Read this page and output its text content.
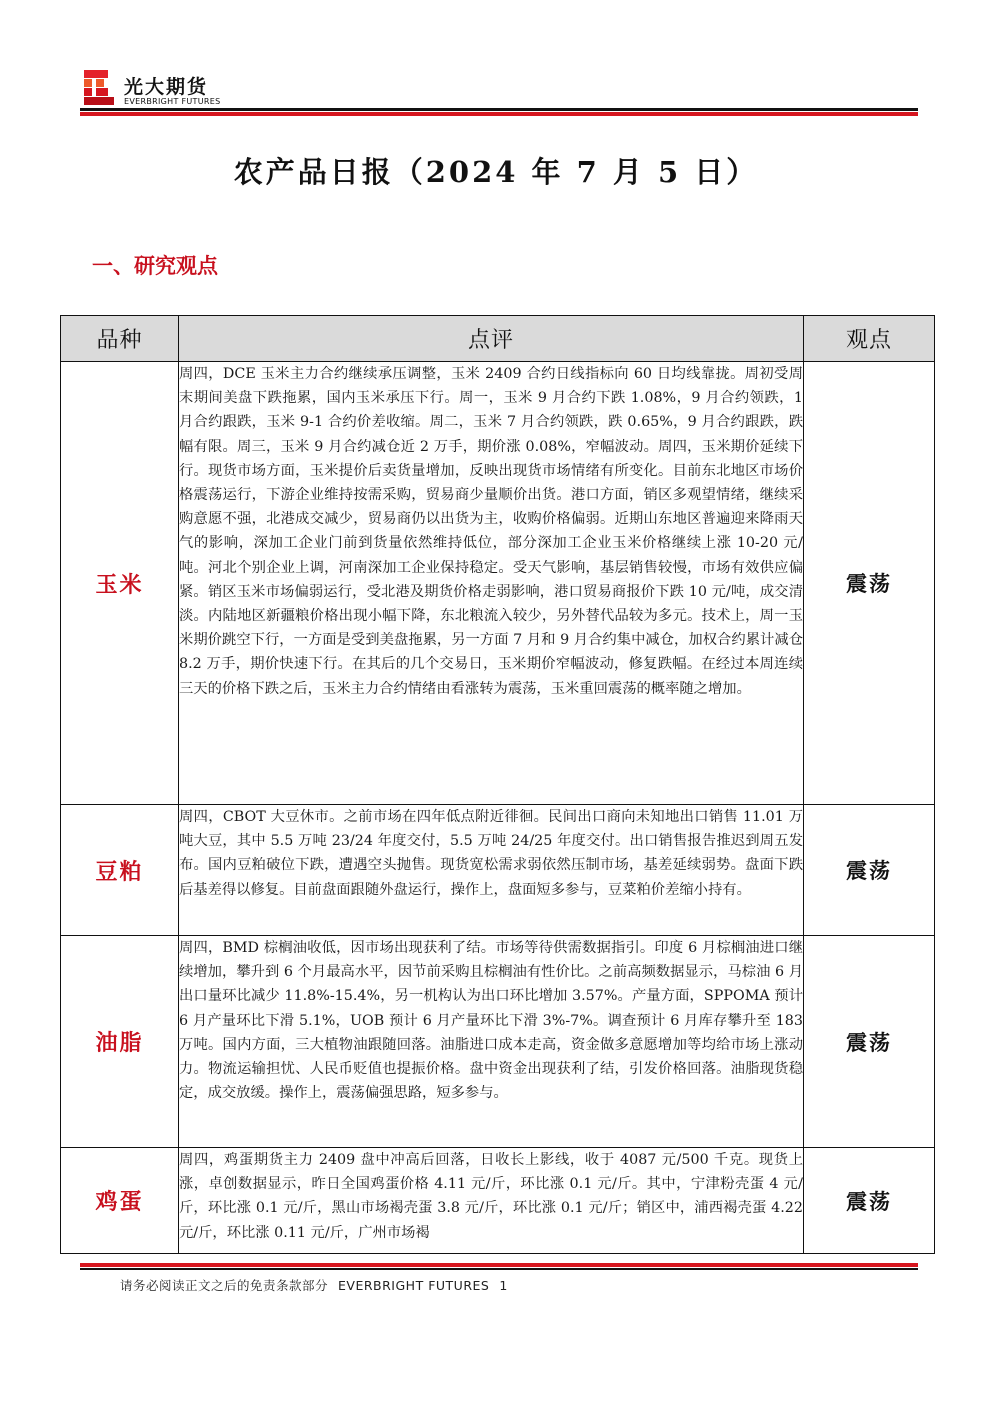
光大期货
EVERBRIGHT FUTURES
农产品日报（2024 年 7 月 5 日）
一、研究观点
品种	点评	观点
玉米	周四，DCE 玉米主力合约继续承压调整，玉米 2409 合约日线指标向 60 日均线靠拢。周初受周末期间美盘下跌拖累，国内玉米承压下行。周一，玉米 9 月合约下跌 1.08%，9 月合约领跌，1 月合约跟跌，玉米 9-1 合约价差收缩。周二，玉米 7 月合约领跌，跌 0.65%，9 月合约跟跌，跌幅有限。周三，玉米 9 月合约减仓近 2 万手，期价涨 0.08%，窄幅波动。周四，玉米期价延续下行。现货市场方面，玉米提价后卖货量增加，反映出现货市场情绪有所变化。目前东北地区市场价格震荡运行，下游企业维持按需采购，贸易商少量顺价出货。港口方面，销区多观望情绪，继续采购意愿不强，北港成交减少，贸易商仍以出货为主，收购价格偏弱。近期山东地区普遍迎来降雨天气的影响，深加工企业门前到货量依然维持低位，部分深加工企业玉米价格继续上涨 10-20 元/吨。河北个别企业上调，河南深加工企业保持稳定。受天气影响，基层销售较慢，市场有效供应偏紧。销区玉米市场偏弱运行，受北港及期货价格走弱影响，港口贸易商报价下跌 10 元/吨，成交清淡。内陆地区新疆粮价格出现小幅下降，东北粮流入较少，另外替代品较为多元。技术上，周一玉米期价跳空下行，一方面是受到美盘拖累，另一方面 7 月和 9 月合约集中减仓，加权合约累计减仓 8.2 万手，期价快速下行。在其后的几个交易日，玉米期价窄幅波动，修复跌幅。在经过本周连续三天的价格下跌之后，玉米主力合约情绪由看涨转为震荡，玉米重回震荡的概率随之增加。	震荡
豆粕	周四，CBOT 大豆休市。之前市场在四年低点附近徘徊。民间出口商向未知地出口销售 11.01 万吨大豆，其中 5.5 万吨 23/24 年度交付，5.5 万吨 24/25 年度交付。出口销售报告推迟到周五发布。国内豆粕破位下跌，遭遇空头抛售。现货宽松需求弱依然压制市场，基差延续弱势。盘面下跌后基差得以修复。目前盘面跟随外盘运行，操作上，盘面短多参与，豆菜粕价差缩小持有。	震荡
油脂	周四，BMD 棕榈油收低，因市场出现获利了结。市场等待供需数据指引。印度 6 月棕榈油进口继续增加，攀升到 6 个月最高水平，因节前采购且棕榈油有性价比。之前高频数据显示，马棕油 6 月出口量环比减少 11.8%-15.4%，另一机构认为出口环比增加 3.57%。产量方面，SPPOMA 预计 6 月产量环比下滑 5.1%，UOB 预计 6 月产量环比下滑 3%-7%。调查预计 6 月库存攀升至 183 万吨。国内方面，三大植物油跟随回落。油脂进口成本走高，资金做多意愿增加等均给市场上涨动力。物流运输担忧、人民币贬值也提振价格。盘中资金出现获利了结，引发价格回落。油脂现货稳定，成交放缓。操作上，震荡偏强思路，短多参与。	震荡
鸡蛋	周四，鸡蛋期货主力 2409 盘中冲高后回落，日收长上影线，收于 4087 元/500 千克。现货上涨，卓创数据显示，昨日全国鸡蛋价格 4.11 元/斤，环比涨 0.1 元/斤。其中，宁津粉壳蛋 4 元/斤，环比涨 0.1 元/斤，黑山市场褐壳蛋 3.8 元/斤，环比涨 0.1 元/斤；销区中，浦西褐壳蛋 4.22 元/斤，环比涨 0.11 元/斤，广州市场褐	震荡
请务必阅读正文之后的免责条款部分 EVERBRIGHT FUTURES 1
